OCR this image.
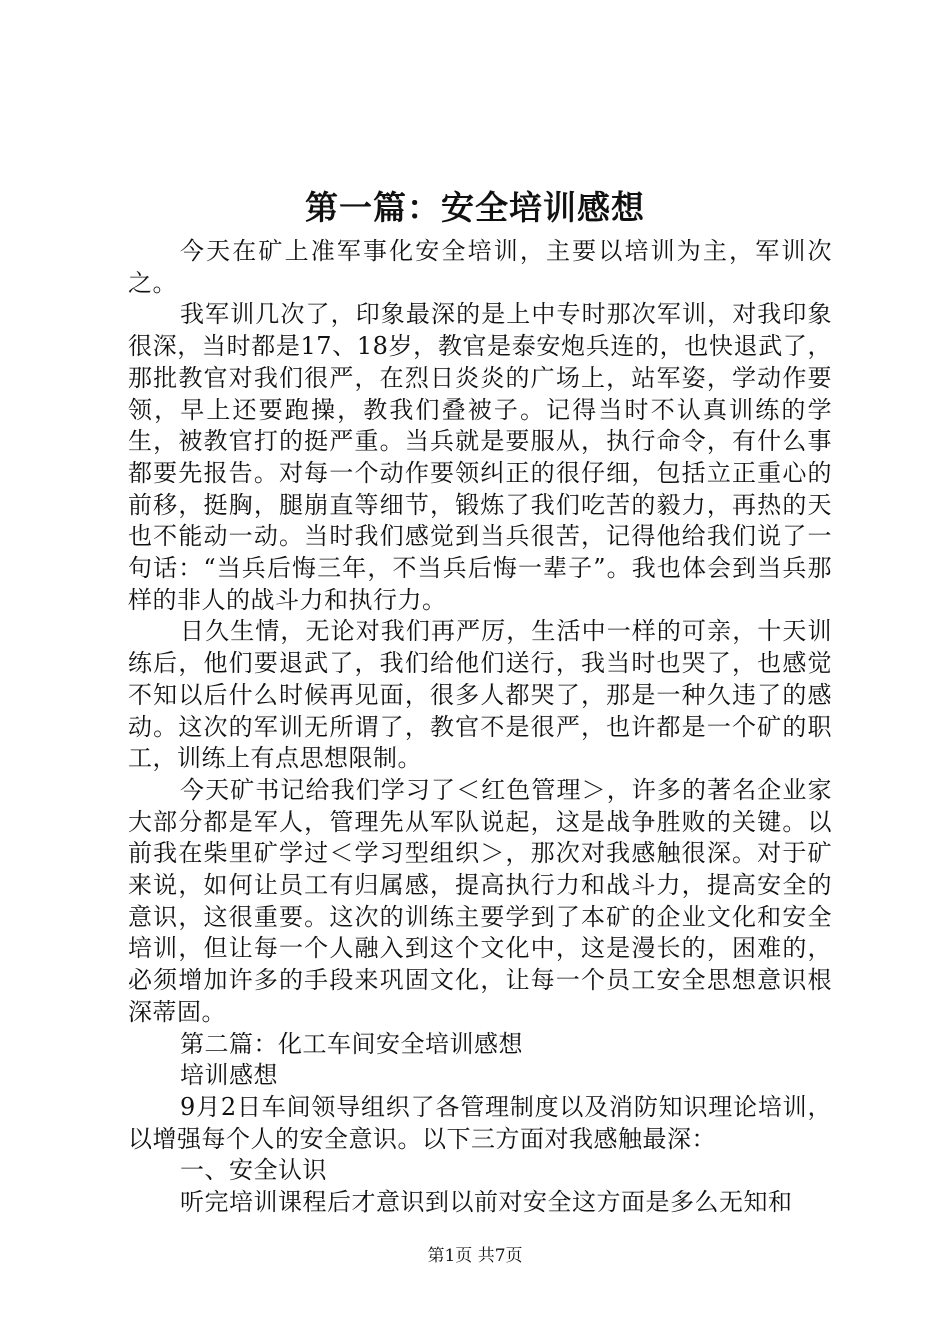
第一篇：安全培训感想

今天在矿上准军事化安全培训，主要以培训为主，军训次之。

我军训几次了，印象最深的是上中专时那次军训，对我印象很深，当时都是17、18岁，教官是泰安炮兵连的，也快退武了，那批教官对我们很严，在烈日炎炎的广场上，站军姿，学动作要领，早上还要跑操，教我们叠被子。记得当时不认真训练的学生，被教官打的挺严重。当兵就是要服从，执行命令，有什么事都要先报告。对每一个动作要领纠正的很仔细，包括立正重心的前移，挺胸，腿崩直等细节，锻炼了我们吃苦的毅力，再热的天也不能动一动。当时我们感觉到当兵很苦，记得他给我们说了一句话：“当兵后悔三年，不当兵后悔一辈子”。我也体会到当兵那样的非人的战斗力和执行力。

日久生情，无论对我们再严厉，生活中一样的可亲，十天训练后，他们要退武了，我们给他们送行，我当时也哭了，也感觉不知以后什么时候再见面，很多人都哭了，那是一种久违了的感动。这次的军训无所谓了，教官不是很严，也许都是一个矿的职工，训练上有点思想限制。

今天矿书记给我们学习了＜红色管理＞，许多的著名企业家大部分都是军人，管理先从军队说起，这是战争胜败的关键。以前我在柴里矿学过＜学习型组织＞，那次对我感触很深。对于矿来说，如何让员工有归属感，提高执行力和战斗力，提高安全的意识，这很重要。这次的训练主要学到了本矿的企业文化和安全培训，但让每一个人融入到这个文化中，这是漫长的，困难的，必须增加许多的手段来巩固文化，让每一个员工安全思想意识根深蒂固。

第二篇：化工车间安全培训感想

培训感想

9月2日车间领导组织了各管理制度以及消防知识理论培训，以增强每个人的安全意识。以下三方面对我感触最深：

一、安全认识

听完培训课程后才意识到以前对安全这方面是多么无知和

第1页 共7页
